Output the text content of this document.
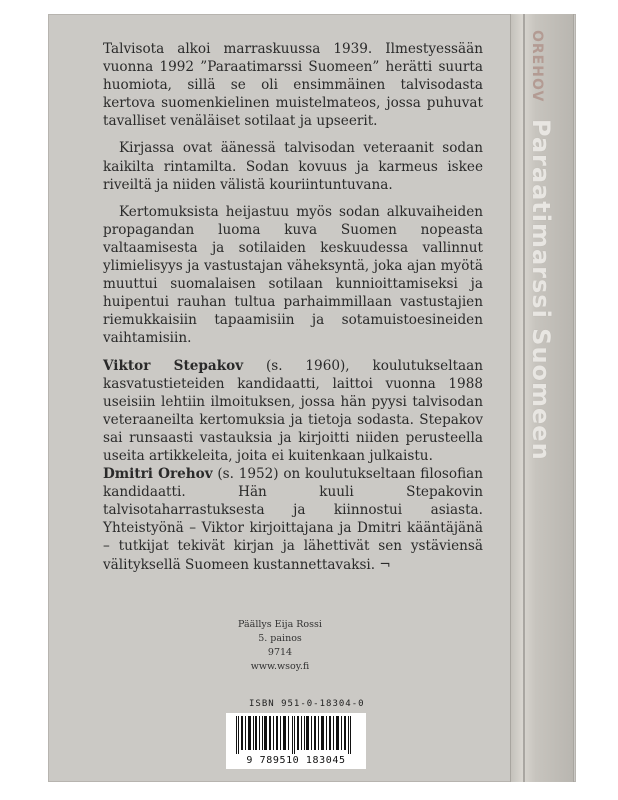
OREHOV Paraatimarssi Suomeen

Talvisota alkoi marraskuussa 1939. Ilmestyessään vuonna 1992 ”Paraatimarssi Suomeen” herätti suurta huomiota, sillä se oli ensimmäinen talvisodasta kertova suomenkielinen muistelmateos, jossa puhuvat tavalliset venäläiset sotilaat ja upseerit.

Kirjassa ovat äänessä talvisodan veteraanit sodan kaikilta rintamilta. Sodan kovuus ja karmeus iskee riveiltä ja niiden välistä kouriintuntuvana.

Kertomuksista heijastuu myös sodan alkuvaiheiden propagandan luoma kuva Suomen nopeasta valtaamisesta ja sotilaiden keskuudessa vallinnut ylimielisyys ja vastustajan väheksyntä, joka ajan myötä muuttui suomalaisen sotilaan kunnioittamiseksi ja huipentui rauhan tultua parhaimmillaan vastustajien riemukkaisiin tapaamisiin ja sotamuistoesineiden vaihtamisiin.

Viktor Stepakov (s. 1960), koulutukseltaan kasvatustieteiden kandidaatti, laittoi vuonna 1988 useisiin lehtiin ilmoituksen, jossa hän pyysi talvisodan veteraaneilta kertomuksia ja tietoja sodasta. Stepakov sai runsaasti vastauksia ja kirjoitti niiden perusteella useita artikkeleita, joita ei kuitenkaan julkaistu.

Dmitri Orehov (s. 1952) on koulutukseltaan filosofian kandidaatti. Hän kuuli Stepakovin talvisotaharrastuksesta ja kiinnostui asiasta. Yhteistyönä – Viktor kirjoittajana ja Dmitri kääntäjänä – tutkijat tekivät kirjan ja lähettivät sen ystäviensä välityksellä Suomeen kustannettavaksi. ¬

Päällys Eija Rossi
5. painos
9714
www.wsoy.fi
ISBN 951-0-18304-0
9 789510 183045
